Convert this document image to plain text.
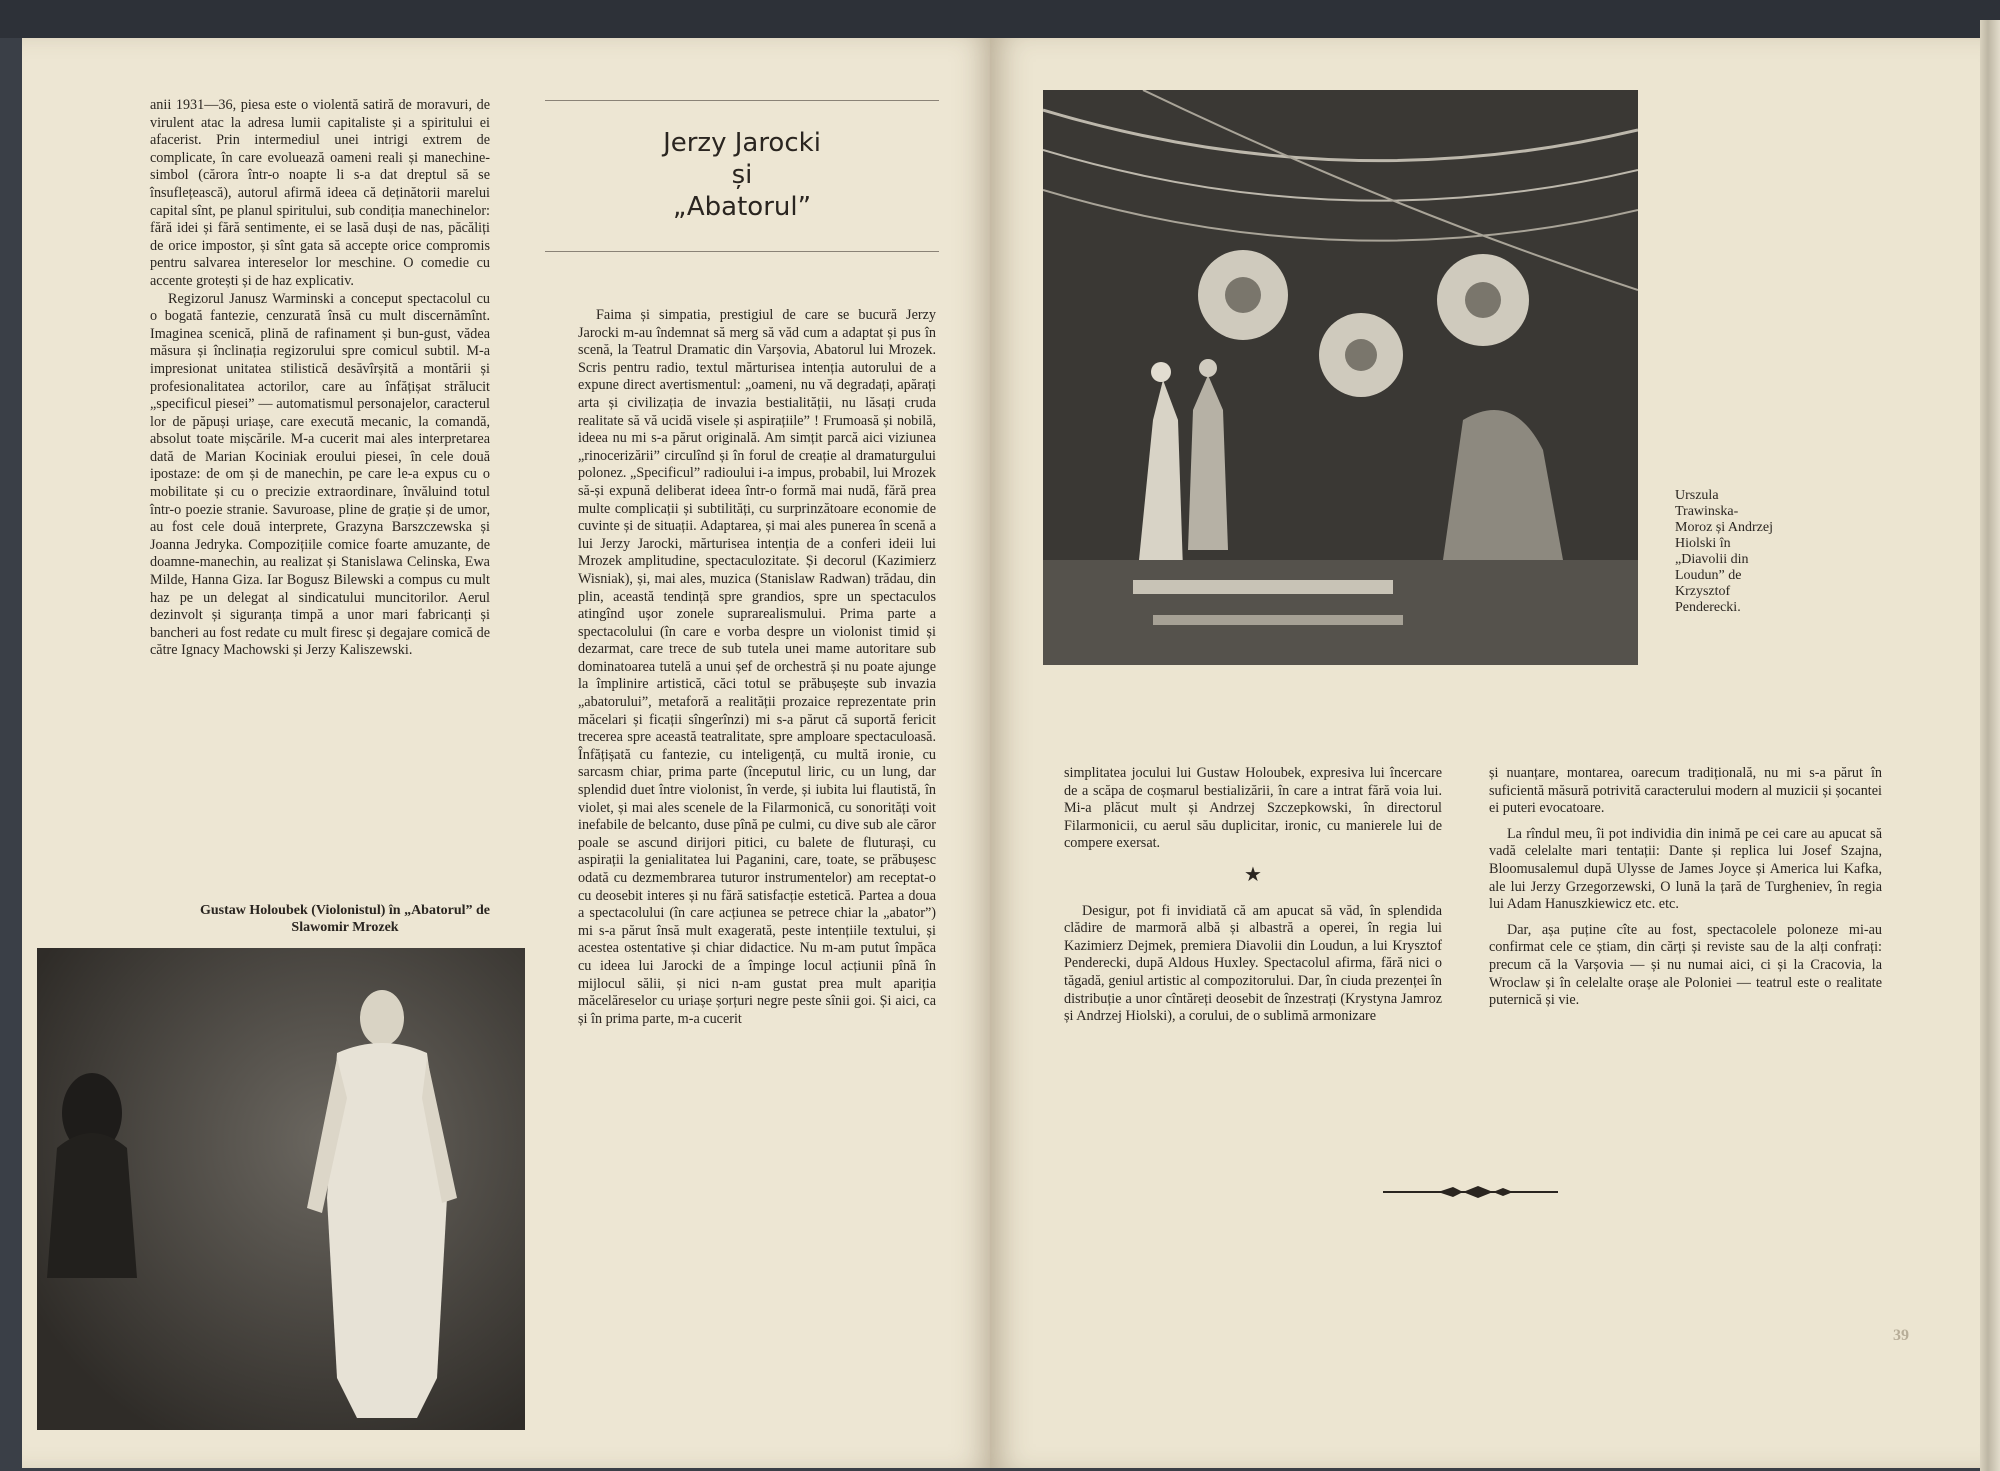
anii 1931—36, piesa este o violentă satiră de moravuri, de virulent atac la adresa lumii capitaliste și a spiritului ei afacerist. Prin intermediul unei intrigi extrem de complicate, în care evoluează oameni reali și manechine-simbol (cărora într-o noapte li s-a dat dreptul să se însuflețească), autorul afirmă ideea că deținătorii marelui capital sînt, pe planul spiritului, sub condiția manechinelor: fără idei și fără sentimente, ei se lasă duși de nas, păcăliți de orice impostor, și sînt gata să accepte orice compromis pentru salvarea intereselor lor meschine. O comedie cu accente grotești și de haz explicativ.

Regizorul Janusz Warminski a conceput spectacolul cu o bogată fantezie, cenzurată însă cu mult discernămînt. Imaginea scenică, plină de rafinament și bun-gust, vădea măsura și înclinația regizorului spre comicul subtil. M-a impresionat unitatea stilistică desăvîrșită a montării și profesionalitatea actorilor, care au înfățișat strălucit „specificul piesei” — automatismul personajelor, caracterul lor de păpuși uriașe, care execută mecanic, la comandă, absolut toate mișcările. M-a cucerit mai ales interpretarea dată de Marian Kociniak eroului piesei, în cele două ipostaze: de om și de manechin, pe care le-a expus cu o mobilitate și cu o precizie extraordinare, învăluind totul într-o poezie stranie. Savuroase, pline de grație și de umor, au fost cele două interprete, Grazyna Barszczewska și Joanna Jedryka. Compozițiile comice foarte amuzante, de doamne-manechin, au realizat și Stanislawa Celinska, Ewa Milde, Hanna Giza. Iar Bogusz Bilewski a compus cu mult haz pe un delegat al sindicatului muncitorilor. Aerul dezinvolt și siguranța timpă a unor mari fabricanți și bancheri au fost redate cu mult firesc și degajare comică de către Ignacy Machowski și Jerzy Kaliszewski.

Gustaw Holoubek (Violonistul) în „Abatorul” de Slawomir Mrozek
Jerzy Jarocki
și
„Abatorul”

Faima și simpatia, prestigiul de care se bucură Jerzy Jarocki m-au îndemnat să merg să văd cum a adaptat și pus în scenă, la Teatrul Dramatic din Varșovia, Abatorul lui Mrozek. Scris pentru radio, textul mărturisea intenția autorului de a expune direct avertismentul: „oameni, nu vă degradați, apărați arta și civilizația de invazia bestialității, nu lăsați cruda realitate să vă ucidă visele și aspirațiile” ! Frumoasă și nobilă, ideea nu mi s-a părut originală. Am simțit parcă aici viziunea „rinocerizării” circulînd și în forul de creație al dramaturgului polonez. „Specificul” radioului i-a impus, probabil, lui Mrozek să-și expună deliberat ideea într-o formă mai nudă, fără prea multe complicații și subtilități, cu surprinzătoare economie de cuvinte și de situații. Adaptarea, și mai ales punerea în scenă a lui Jerzy Jarocki, mărturisea intenția de a conferi ideii lui Mrozek amplitudine, spectaculozitate. Și decorul (Kazimierz Wisniak), și, mai ales, muzica (Stanislaw Radwan) trădau, din plin, această tendință spre grandios, spre un spectaculos atingînd ușor zonele suprarealismului. Prima parte a spectacolului (în care e vorba despre un violonist timid și dezarmat, care trece de sub tutela unei mame autoritare sub dominatoarea tutelă a unui șef de orchestră și nu poate ajunge la împlinire artistică, căci totul se prăbușește sub invazia „abatorului”, metaforă a realității prozaice reprezentate prin măcelari și ficații sîngerînzi) mi s-a părut că suportă fericit trecerea spre această teatralitate, spre amploare spectaculoasă. Înfățișată cu fantezie, cu inteligență, cu multă ironie, cu sarcasm chiar, prima parte (începutul liric, cu un lung, dar splendid duet între violonist, în verde, și iubita lui flautistă, în violet, și mai ales scenele de la Filarmonică, cu sonorități voit inefabile de belcanto, duse pînă pe culmi, cu dive sub ale căror poale se ascund dirijori pitici, cu balete de fluturași, cu aspirații la genialitatea lui Paganini, care, toate, se prăbușesc odată cu dezmembrarea tuturor instrumentelor) am receptat-o cu deosebit interes și nu fără satisfacție estetică. Partea a doua a spectacolului (în care acțiunea se petrece chiar la „abator”) mi s-a părut însă mult exagerată, peste intențiile textului, și acestea ostentative și chiar didactice. Nu m-am putut împăca cu ideea lui Jarocki de a împinge locul acțiunii pînă în mijlocul sălii, și nici n-am gustat prea mult apariția măcelăreselor cu uriașe șorțuri negre peste sînii goi. Și aici, ca și în prima parte, m-a cucerit

Urszula Trawinska-Moroz și Andrzej Hiolski în „Diavolii din Loudun” de Krzysztof Penderecki.

simplitatea jocului lui Gustaw Holoubek, expresiva lui încercare de a scăpa de coșmarul bestializării, în care a intrat fără voia lui. Mi-a plăcut mult și Andrzej Szczepkowski, în directorul Filarmonicii, cu aerul său duplicitar, ironic, cu manierele lui de compere exersat.

★

Desigur, pot fi invidiată că am apucat să văd, în splendida clădire de marmoră albă și albastră a operei, în regia lui Kazimierz Dejmek, premiera Diavolii din Loudun, a lui Krysztof Penderecki, după Aldous Huxley. Spectacolul afirma, fără nici o tăgadă, geniul artistic al compozitorului. Dar, în ciuda prezenței în distribuție a unor cîntăreți deosebit de înzestrați (Krystyna Jamroz și Andrzej Hiolski), a corului, de o sublimă armonizare

și nuanțare, montarea, oarecum tradițională, nu mi s-a părut în suficientă măsură potrivită caracterului modern al muzicii și șocantei ei puteri evocatoare.

La rîndul meu, îi pot individia din inimă pe cei care au apucat să vadă celelalte mari tentații: Dante și replica lui Josef Szajna, Bloomusalemul după Ulysse de James Joyce și America lui Kafka, ale lui Jerzy Grzegorzewski, O lună la țară de Turgheniev, în regia lui Adam Hanuszkiewicz etc. etc.

Dar, așa puține cîte au fost, spectacolele poloneze mi-au confirmat cele ce știam, din cărți și reviste sau de la alți confrați: precum că la Varșovia — și nu numai aici, ci și la Cracovia, la Wroclaw și în celelalte orașe ale Poloniei — teatrul este o realitate puternică și vie.

39
